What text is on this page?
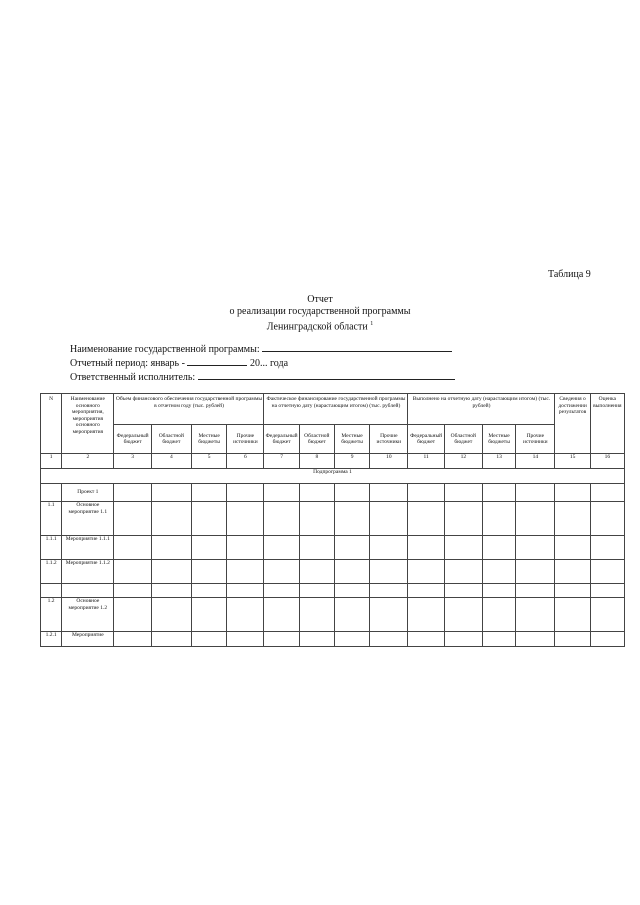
Таблица 9
Отчет
о реализации государственной программы
Ленинградской области $^1$
Наименование государственной программы:
Отчетный период: январь -	20... года
Ответственный исполнитель:
N	Наименование основного мероприятия, мероприятия основного мероприятия	Объем финансового обеспечения государственной программы в отчетном году (тыс. рублей)				Фактическое финансирование государственной программы на отчетную дату (нарастающим итогом) (тыс. рублей)				Выполнено на отчетную дату (нарастающим итогом) (тыс. рублей)				Сведения о достижении результатов	Оценка выполнения
		Федеральный бюджет	Областной бюджет	Местные бюджеты	Прочие источники	Федеральный бюджет	Областной бюджет	Местные бюджеты	Прочие источники	Федеральный бюджет	Областной бюджет	Местные бюджеты	Прочие источники		
1	2	3	4	5	6	7	8	9	10	11	12	13	14	15	16
Подпрограмма 1															
	Проект 1														
1.1	Основное мероприятие 1.1														
1.1.1	Мероприятие 1.1.1														
1.1.2	Мероприятие 1.1.2														

1.2	Основное мероприятие 1.2														
1.2.1	Мероприятие														
